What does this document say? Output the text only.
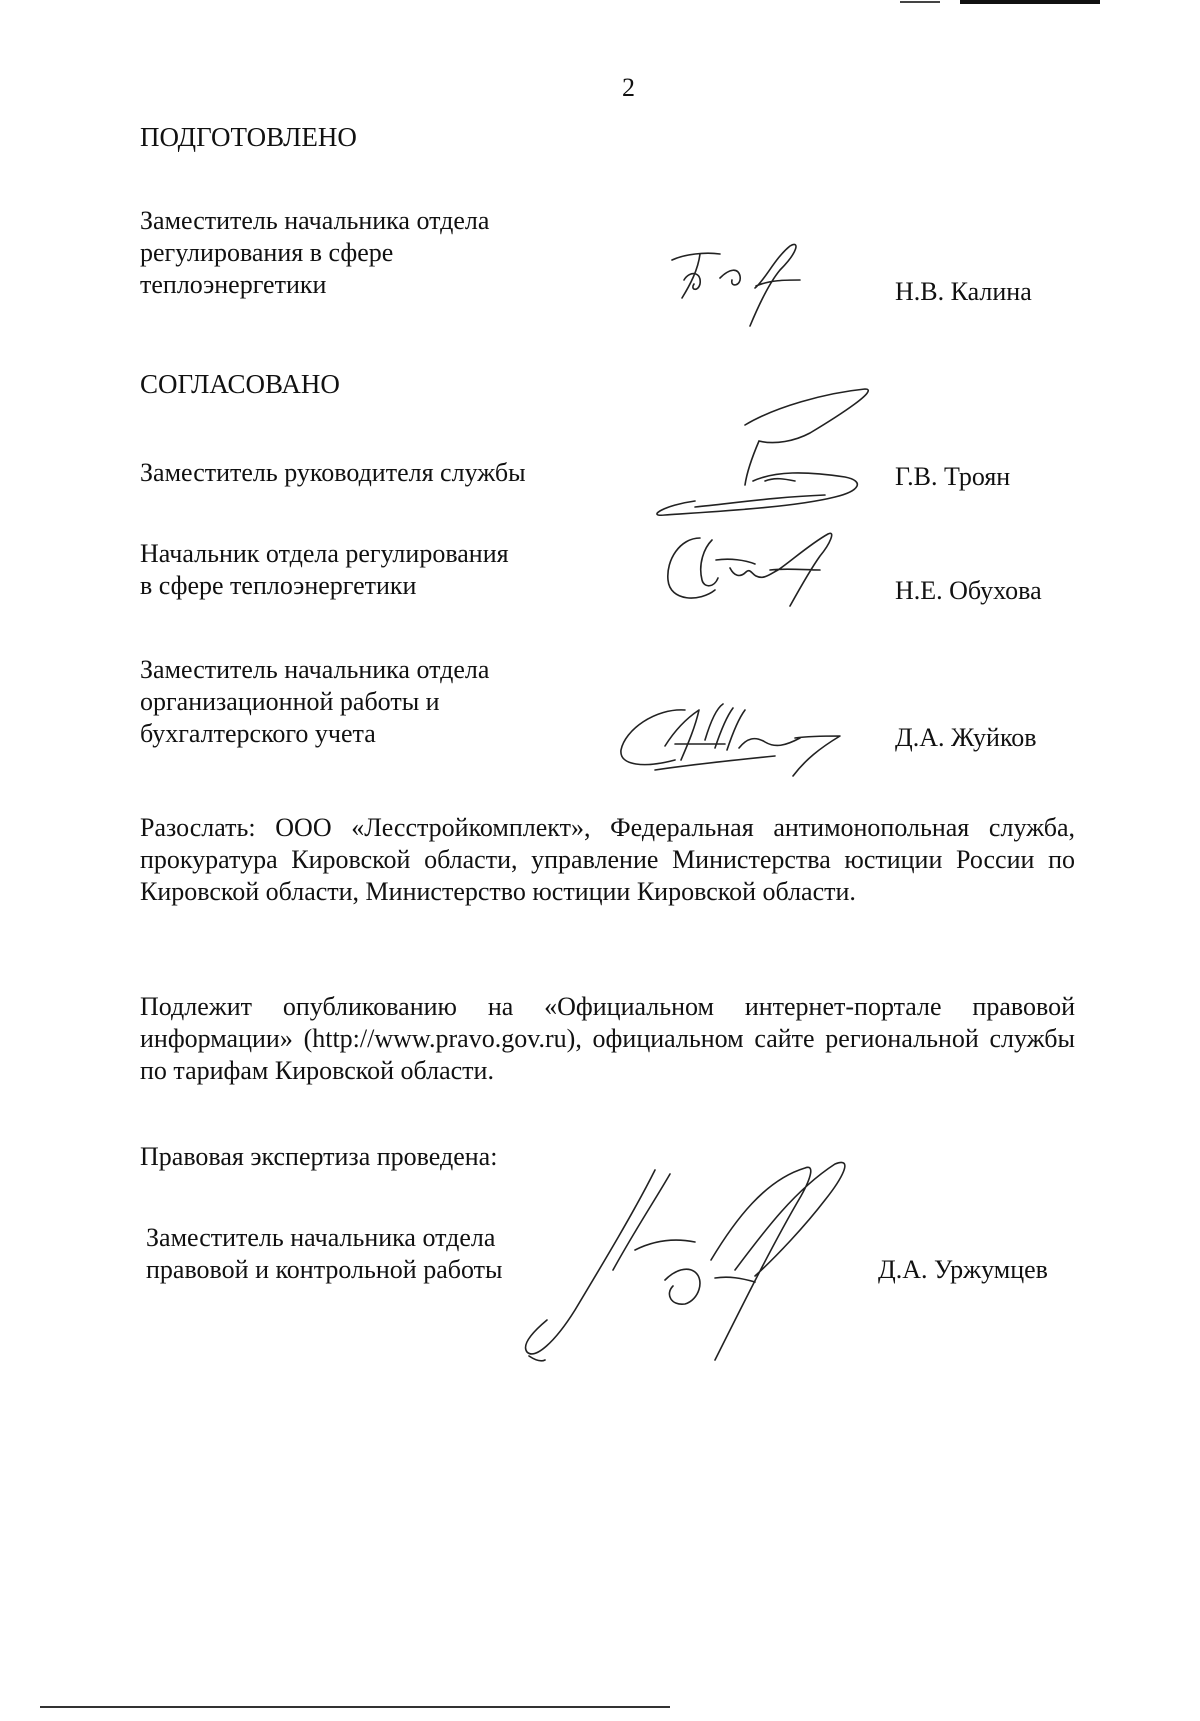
2
ПОДГОТОВЛЕНО
Заместитель начальника отдела
регулирования в сфере
теплоэнергетики	Н.В. Калина
СОГЛАСОВАНО
Заместитель руководителя службы	Г.В. Троян
Начальник отдела регулирования
в сфере теплоэнергетики	Н.Е. Обухова
Заместитель начальника отдела
организационной работы и
бухгалтерского учета	Д.А. Жуйков
Разослать: ООО «Лесстройкомплект», Федеральная антимонопольная служба, прокуратура Кировской области, управление Министерства юстиции России по Кировской области, Министерство юстиции Кировской области.
Подлежит опубликованию на «Официальном интернет-портале правовой информации» (http://www.pravo.gov.ru), официальном сайте региональной службы по тарифам Кировской области.
Правовая экспертиза проведена:
Заместитель начальника отдела
правовой и контрольной работы	Д.А. Уржумцев
